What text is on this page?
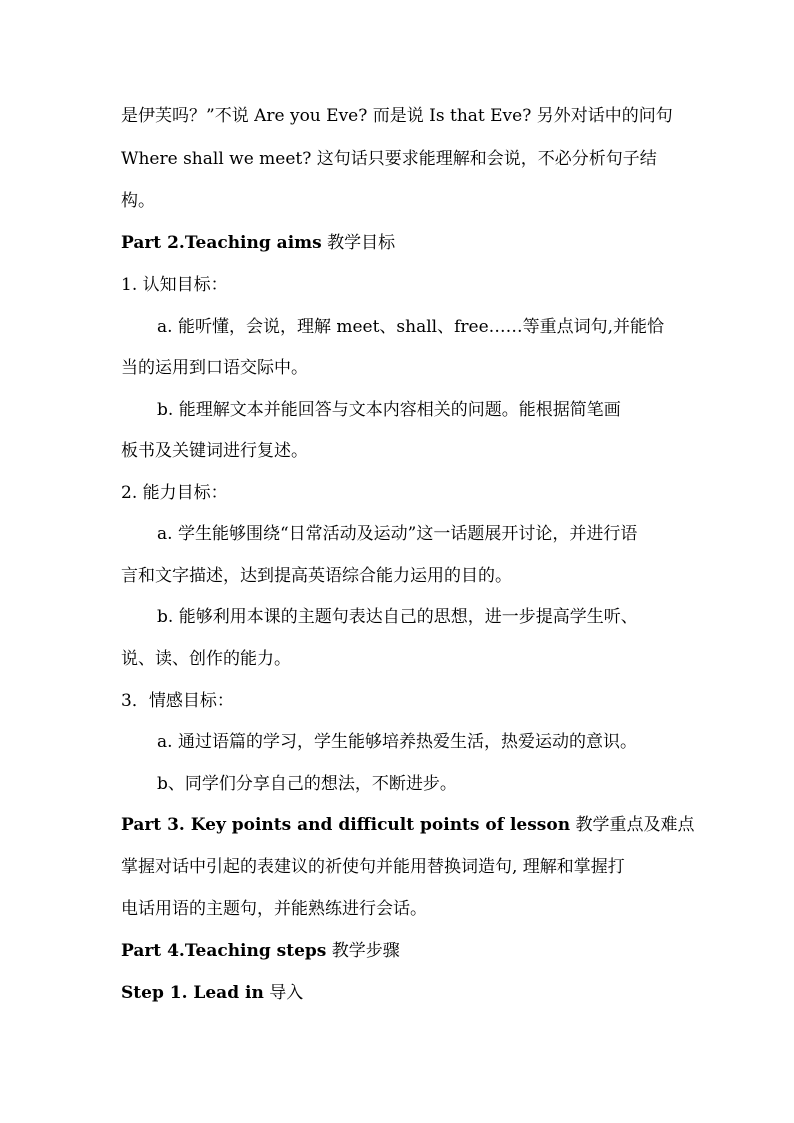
是伊芙吗？”不说 Are you Eve? 而是说 Is that Eve? 另外对话中的问句
Where shall we meet? 这句话只要求能理解和会说，不必分析句子结
构。
Part 2.Teaching aims 教学目标
1. 认知目标：
a. 能听懂，会说，理解 meet、shall、free……等重点词句,并能恰
当的运用到口语交际中。
b. 能理解文本并能回答与文本内容相关的问题。能根据简笔画
板书及关键词进行复述。
2. 能力目标：
a. 学生能够围绕“日常活动及运动”这一话题展开讨论，并进行语
言和文字描述，达到提高英语综合能力运用的目的。
b. 能够利用本课的主题句表达自己的思想，进一步提高学生听、
说、读、创作的能力。
3．情感目标：
a. 通过语篇的学习，学生能够培养热爱生活，热爱运动的意识。
b、同学们分享自己的想法，不断进步。
Part 3. Key points and difficult points of lesson 教学重点及难点
掌握对话中引起的表建议的祈使句并能用替换词造句, 理解和掌握打
电话用语的主题句，并能熟练进行会话。
Part 4.Teaching steps 教学步骤
Step 1. Lead in 导入
